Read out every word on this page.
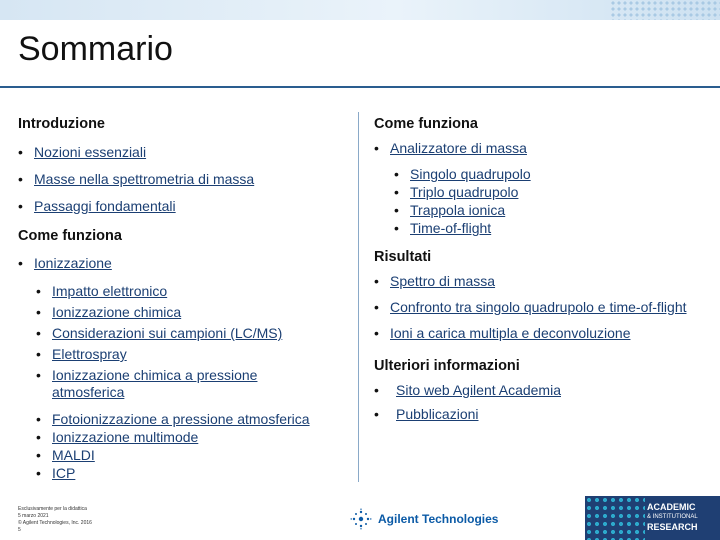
Sommario
Introduzione
• Nozioni essenziali
• Masse nella spettrometria di massa
• Passaggi fondamentali
Come funziona
• Ionizzazione
• Impatto elettronico
• Ionizzazione chimica
• Considerazioni sui campioni (LC/MS)
• Elettrospray
• Ionizzazione chimica a pressione atmosferica
• Fotoionizzazione a pressione atmosferica
• Ionizzazione multimode
• MALDI
• ICP
Come funziona
• Analizzatore di massa
• Singolo quadrupolo
• Triplo quadrupolo
• Trappola ionica
• Time-of-flight
Risultati
• Spettro di massa
• Confronto tra singolo quadrupolo e time-of-flight
• Ioni a carica multipla e deconvoluzione
Ulteriori informazioni
• Sito web Agilent Academia
• Pubblicazioni
Esclusivamente per la didattica
5 marzo 2021
© Agilent Technologies, Inc. 2016
5
Agilent Technologies
ACADEMIC
& INSTITUTIONAL
RESEARCH
